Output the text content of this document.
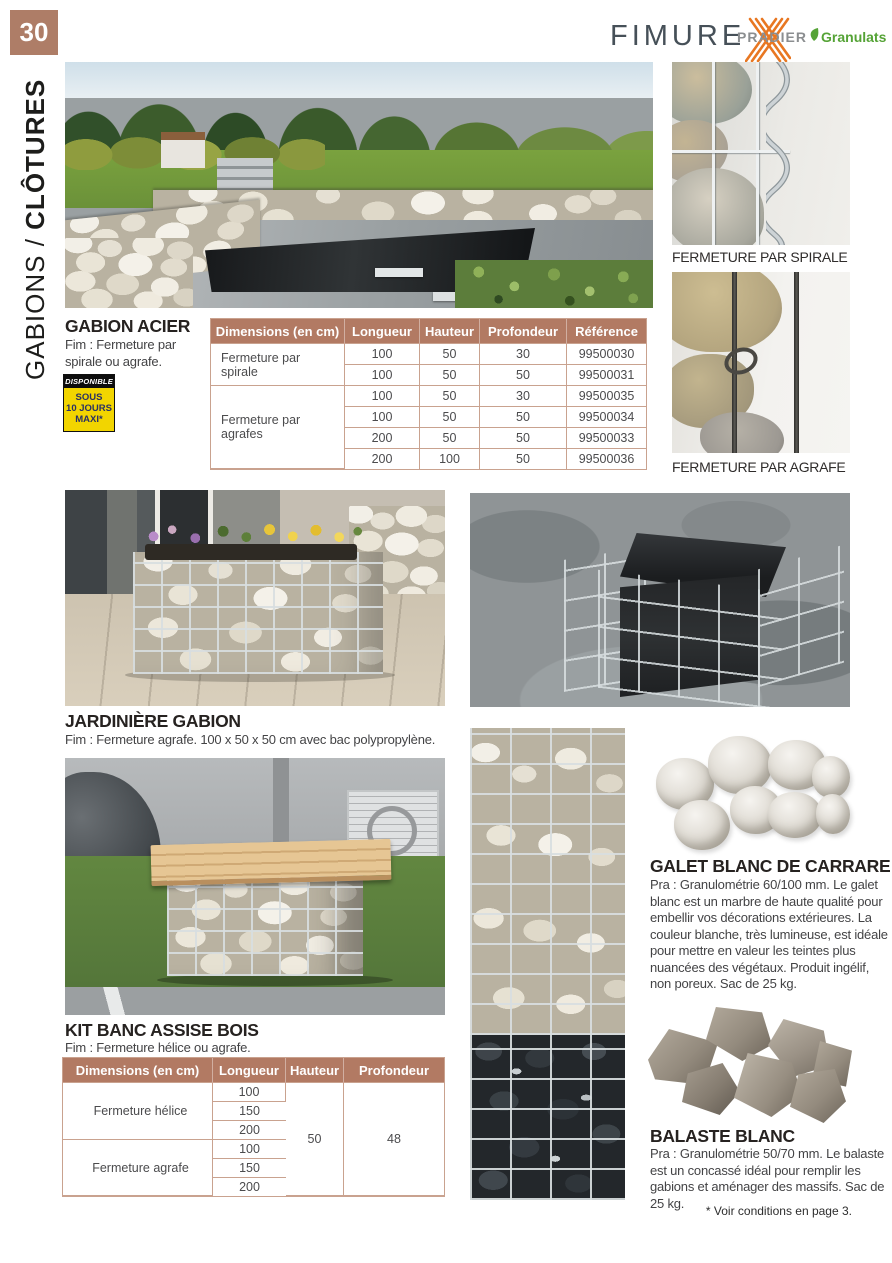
30
GABIONS / CLÔTURES
FIMURE
PRADIER Granulats
FERMETURE PAR SPIRALE
FERMETURE PAR AGRAFE
GABION ACIER
Fim : Fermeture par spirale ou agrafe.
DISPONIBLE
SOUS
10 JOURS
MAXI*
Dimensions (en cm)	Longueur	Hauteur	Profondeur	Référence
Fermeture par spirale	100	50	30	99500030
	100	50	50	99500031
Fermeture par agrafes	100	50	30	99500035
	100	50	50	99500034
	200	50	50	99500033
	200	100	50	99500036
JARDINIÈRE GABION
Fim : Fermeture agrafe. 100 x 50 x 50 cm avec bac polypropylène.
GALET BLANC DE CARRARE
Pra : Granulométrie 60/100 mm. Le galet blanc est un marbre de haute qualité pour embellir vos décorations extérieures. La couleur blanche, très lumineuse, est idéale pour mettre en valeur les teintes plus nuancées des végétaux. Produit ingélif, non poreux. Sac de 25 kg.
BALASTE BLANC
Pra : Granulométrie 50/70 mm. Le balaste est un concassé idéal pour remplir les gabions et aménager des massifs. Sac de 25 kg.
KIT BANC ASSISE BOIS
Fim : Fermeture hélice ou agrafe.
Dimensions (en cm)	Longueur	Hauteur	Profondeur
Fermeture hélice	100	50	48
	150		
	200		
Fermeture agrafe	100		
	150		
	200		
* Voir conditions en page 3.
